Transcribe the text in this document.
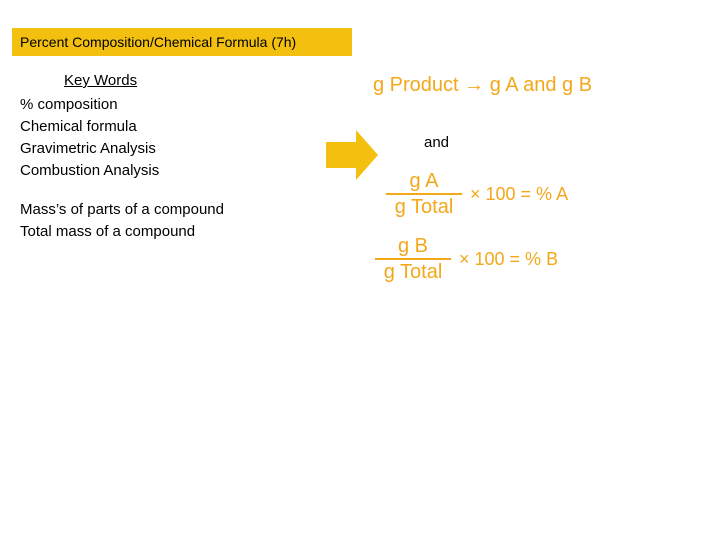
Percent Composition/Chemical Formula (7h)
Key Words
% composition
Chemical formula
Gravimetric Analysis
Combustion Analysis
Mass’s of parts of a compound
Total mass of a compound
g Product → g A and g B
and
$\frac{\text{g A}}{\text{g Total}} \times 100$ = % A
$\frac{\text{g B}}{\text{g Total}} \times 100$ = % B
